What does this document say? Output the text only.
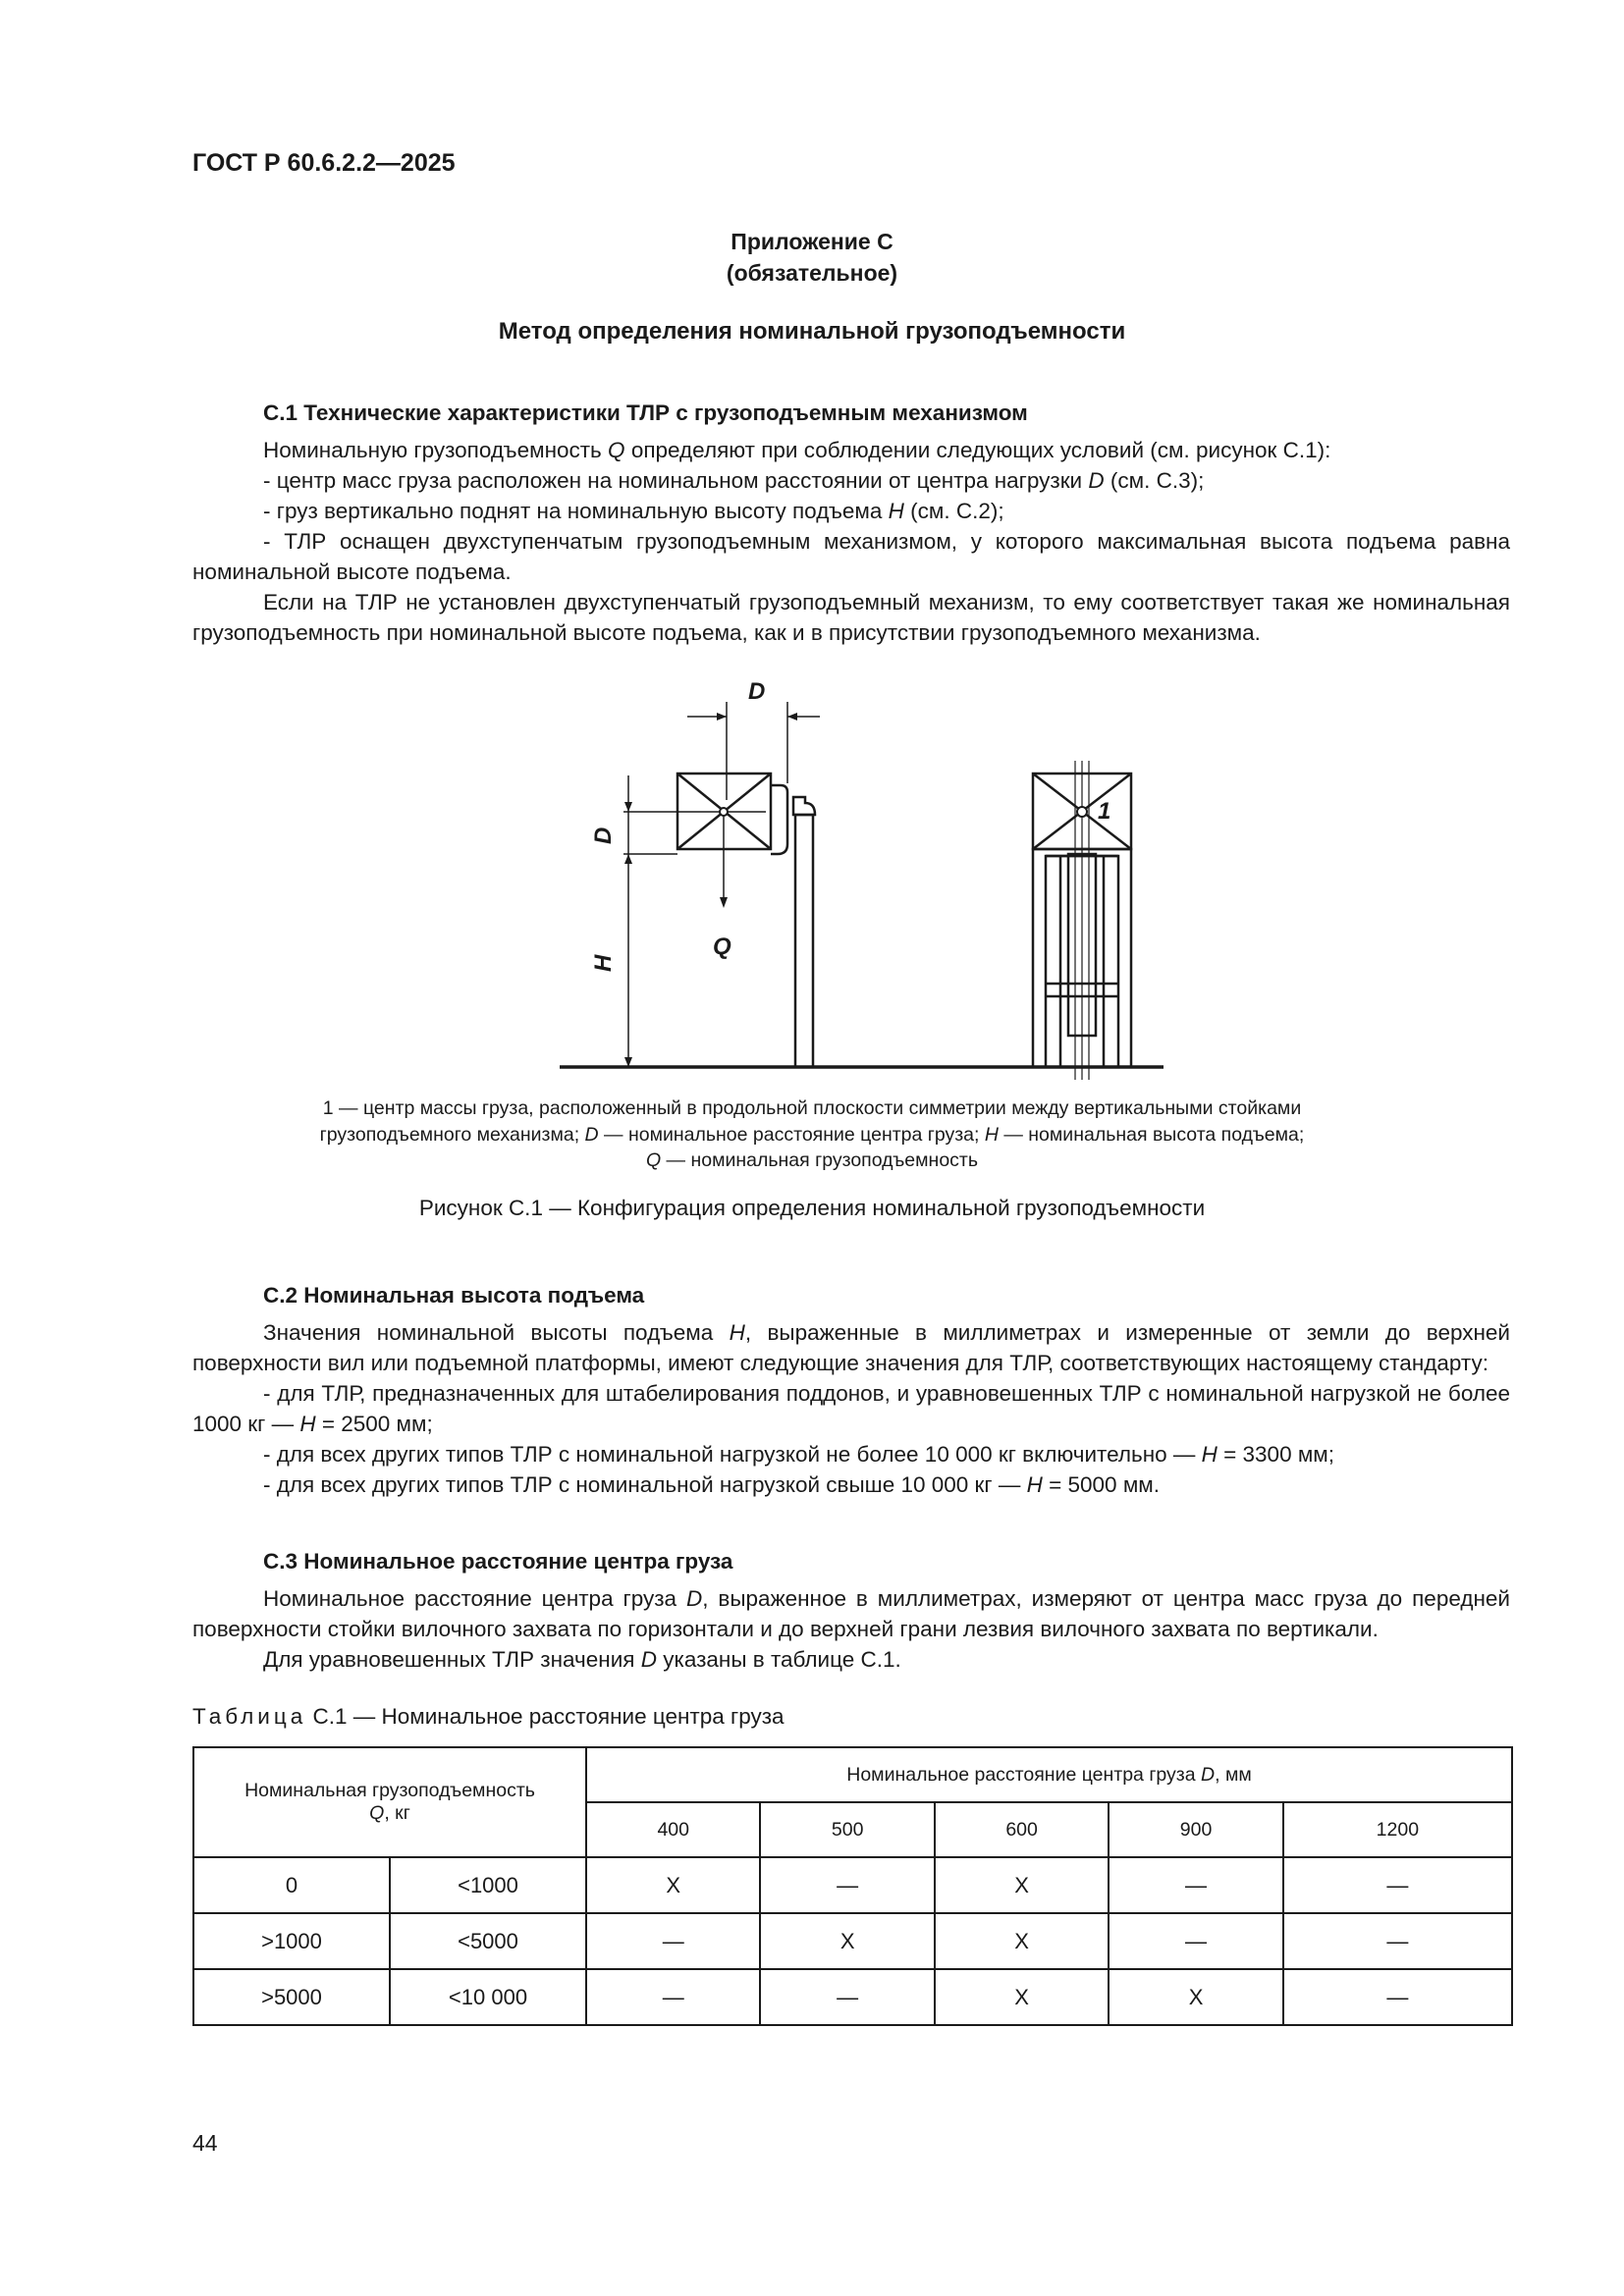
ГОСТ Р 60.6.2.2—2025
Приложение С
(обязательное)
Метод определения номинальной грузоподъемности
С.1 Технические характеристики ТЛР с грузоподъемным механизмом

Номинальную грузоподъемность Q определяют при соблюдении следующих условий (см. рисунок С.1):

- центр масс груза расположен на номинальном расстоянии от центра нагрузки D (см. С.3);

- груз вертикально поднят на номинальную высоту подъема H (см. С.2);

- ТЛР оснащен двухступенчатым грузоподъемным механизмом, у которого максимальная высота подъема равна номинальной высоте подъема.

Если на ТЛР не установлен двухступенчатый грузоподъемный механизм, то ему соответствует такая же номинальная грузоподъемность при номинальной высоте подъема, как и в присутствии грузоподъемного механизма.

D
D
H
Q
1
1 — центр массы груза, расположенный в продольной плоскости симметрии между вертикальными стойками
грузоподъемного механизма; D — номинальное расстояние центра груза; H — номинальная высота подъема;
Q — номинальная грузоподъемность
Рисунок С.1 — Конфигурация определения номинальной грузоподъемности
С.2 Номинальная высота подъема

Значения номинальной высоты подъема H, выраженные в миллиметрах и измеренные от земли до верхней поверхности вил или подъемной платформы, имеют следующие значения для ТЛР, соответствующих настоящему стандарту:

- для ТЛР, предназначенных для штабелирования поддонов, и уравновешенных ТЛР с номинальной нагрузкой не более 1000 кг — H = 2500 мм;

- для всех других типов ТЛР с номинальной нагрузкой не более 10 000 кг включительно — H = 3300 мм;

- для всех других типов ТЛР с номинальной нагрузкой свыше 10 000 кг — H = 5000 мм.

С.3 Номинальное расстояние центра груза

Номинальное расстояние центра груза D, выраженное в миллиметрах, измеряют от центра масс груза до передней поверхности стойки вилочного захвата по горизонтали и до верхней грани лезвия вилочного захвата по вертикали.

Для уравновешенных ТЛР значения D указаны в таблице С.1.

Таблица С.1 — Номинальное расстояние центра груза
Номинальная грузоподъемность
Q, кг		Номинальное расстояние центра груза D, мм				
		400	500	600	900	1200
0	<1000	X	—	X	—	—
>1000	<5000	—	X	X	—	—
>5000	<10 000	—	—	X	X	—
44
